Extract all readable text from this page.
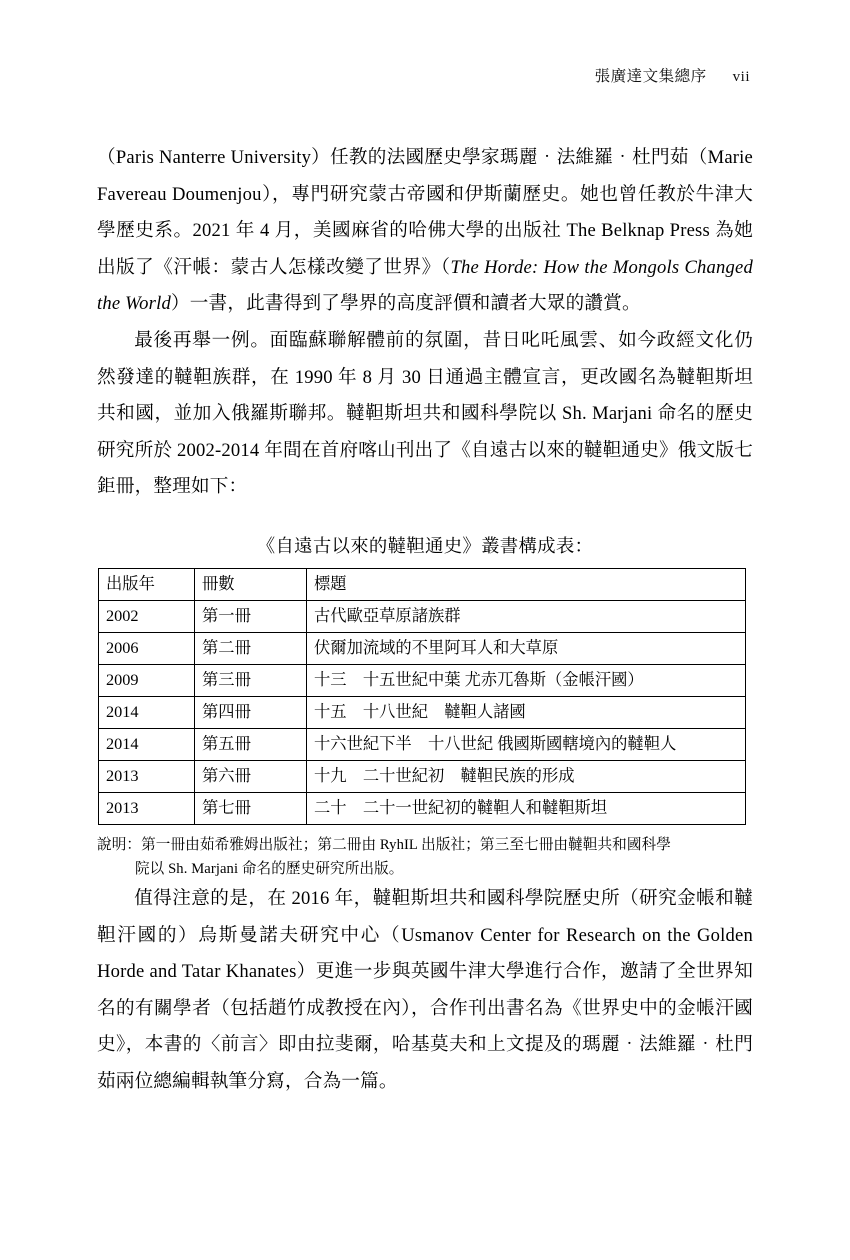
張廣達文集總序 vii

（Paris Nanterre University）任教的法國歷史學家瑪麗‧法維羅‧杜門茹（Marie Favereau Doumenjou），專門研究蒙古帝國和伊斯蘭歷史。她也曾任教於牛津大學歷史系。2021 年 4 月，美國麻省的哈佛大學的出版社 The Belknap Press 為她出版了《汗帳：蒙古人怎樣改變了世界》（The Horde: How the Mongols Changed the World）一書，此書得到了學界的高度評價和讀者大眾的讚賞。

最後再舉一例。面臨蘇聯解體前的氛圍，昔日叱吒風雲、如今政經文化仍然發達的韃靼族群，在 1990 年 8 月 30 日通過主體宣言，更改國名為韃靼斯坦共和國，並加入俄羅斯聯邦。韃靼斯坦共和國科學院以 Sh. Marjani 命名的歷史研究所於 2002-2014 年間在首府喀山刊出了《自遠古以來的韃靼通史》俄文版七鉅冊，整理如下：

《自遠古以來的韃靼通史》叢書構成表：
出版年	冊數	標題
2002	第一冊	古代歐亞草原諸族群
2006	第二冊	伏爾加流域的不里阿耳人和大草原
2009	第三冊	十三　十五世紀中葉 尤赤兀魯斯（金帳汗國）
2014	第四冊	十五　十八世紀　韃靼人諸國
2014	第五冊	十六世紀下半　十八世紀 俄國斯國轄境內的韃靼人
2013	第六冊	十九　二十世紀初　韃靼民族的形成
2013	第七冊	二十　二十一世紀初的韃靼人和韃靼斯坦
說明：第一冊由茹希雅姆出版社；第二冊由 RyhIL 出版社；第三至七冊由韃靼共和國科學
院以 Sh. Marjani 命名的歷史研究所出版。

值得注意的是，在 2016 年，韃靼斯坦共和國科學院歷史所（研究金帳和韃靼汗國的）烏斯曼諾夫研究中心（Usmanov Center for Research on the Golden Horde and Tatar Khanates）更進一步與英國牛津大學進行合作，邀請了全世界知名的有關學者（包括趙竹成教授在內），合作刊出書名為《世界史中的金帳汗國史》，本書的〈前言〉即由拉斐爾，哈基莫夫和上文提及的瑪麗‧法維羅‧杜門茹兩位總編輯執筆分寫，合為一篇。
